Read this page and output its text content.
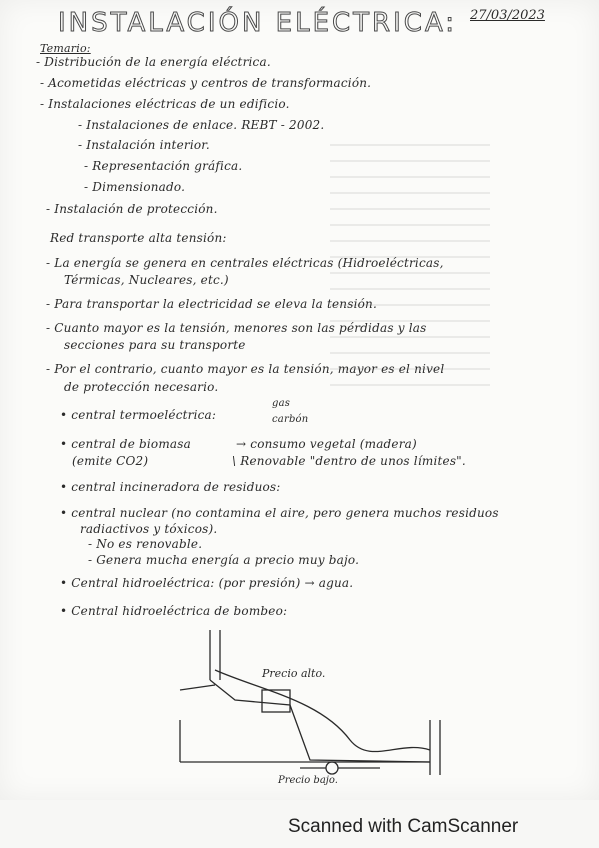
INSTALACIÓN ELÉCTRICA: 27/03/2023
Temario:
- Distribución de la energía eléctrica.
- Acometidas eléctricas y centros de transformación.
- Instalaciones eléctricas de un edificio.
- Instalaciones de enlace. REBT - 2002.
- Instalación interior.
- Representación gráfica.
- Dimensionado.
- Instalación de protección.
Red transporte alta tensión:
- La energía se genera en centrales eléctricas (Hidroeléctricas,
Térmicas, Nucleares, etc.)
- Para transportar la electricidad se eleva la tensión.
- Cuanto mayor es la tensión, menores son las pérdidas y las
secciones para su transporte
- Por el contrario, cuanto mayor es la tensión, mayor es el nivel
de protección necesario.
• central termoeléctrica:
gas
carbón
• central de biomasa	→ consumo vegetal (madera)
(emite CO2)	\ Renovable "dentro de unos límites".
• central incineradora de residuos:
• central nuclear (no contamina el aire, pero genera muchos residuos
radiactivos y tóxicos).
- No es renovable.
- Genera mucha energía a precio muy bajo.
• Central hidroeléctrica: (por presión) → agua.
• Central hidroeléctrica de bombeo:
Precio alto.
Precio bajo.
Scanned with CamScanner
